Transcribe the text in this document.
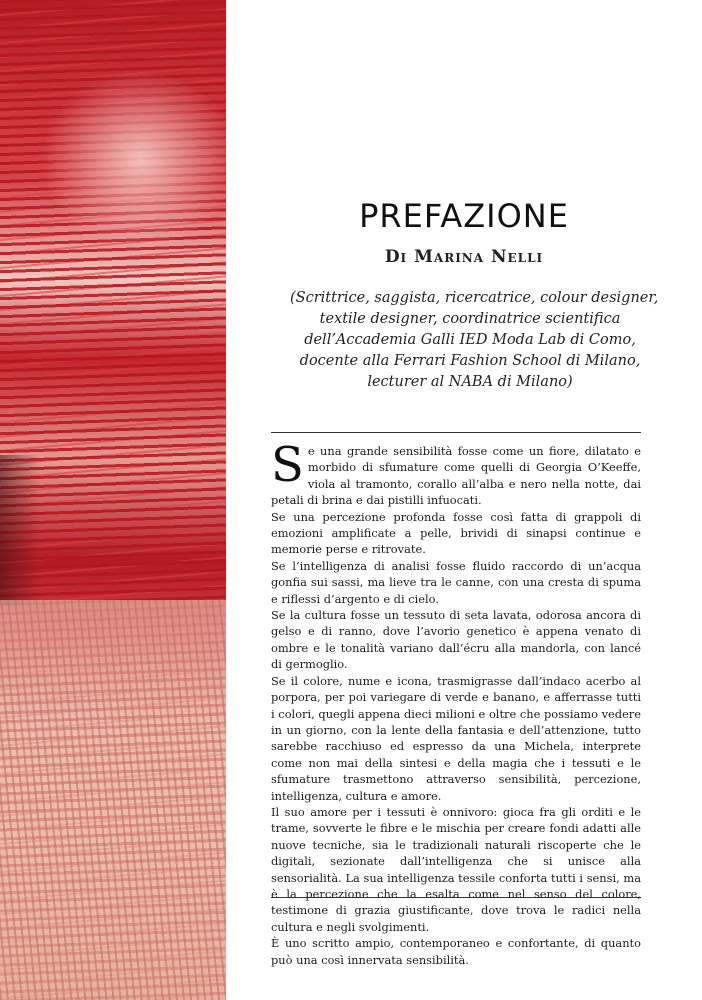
PREFAZIONE
Di Marina Nelli
(Scrittrice, saggista, ricercatrice, colour designer,
textile designer, coordinatrice scientifica
dell’Accademia Galli IED Moda Lab di Como,
docente alla Ferrari Fashion School di Milano,
lecturer al NABA di Milano)

Se una grande sensibilità fosse come un fiore, dilatato e morbido di sfumature come quelli di Georgia O’Keeffe, viola al tramonto, corallo all’alba e nero nella notte, dai petali di brina e dai pistilli infuocati.

Se una percezione profonda fosse così fatta di grappoli di emozioni amplificate a pelle, brividi di sinapsi continue e memorie perse e ritrovate.

Se l’intelligenza di analisi fosse fluido raccordo di un’acqua gonfia sui sassi, ma lieve tra le canne, con una cresta di spuma e riflessi d’argento e di cielo.

Se la cultura fosse un tessuto di seta lavata, odorosa ancora di gelso e di ranno, dove l’avorio genetico è appena venato di ombre e le tonalità variano dall’écru alla mandorla, con lancé di germoglio.

Se il colore, nume e icona, trasmigrasse dall’indaco acerbo al porpora, per poi variegare di verde e banano, e afferrasse tutti i colori, quegli appena dieci milioni e oltre che possiamo vedere in un giorno, con la lente della fantasia e dell’attenzione, tutto sarebbe racchiuso ed espresso da una Michela, interprete come non mai della sintesi e della magia che i tessuti e le sfumature trasmettono attraverso sensibilità, percezione, intelligenza, cultura e amore.

Il suo amore per i tessuti è onnivoro: gioca fra gli orditi e le trame, sovverte le fibre e le mischia per creare fondi adatti alle nuove tecniche, sia le tradizionali naturali riscoperte che le digitali, sezionate dall’intelligenza che si unisce alla sensorialità. La sua intelligenza tessile conforta tutti i sensi, ma è la percezione che la esalta come nel senso del colore, testimone di grazia giustificante, dove trova le radici nella cultura e negli svolgimenti.

È uno scritto ampio, contemporaneo e confortante, di quanto può una così innervata sensibilità.
